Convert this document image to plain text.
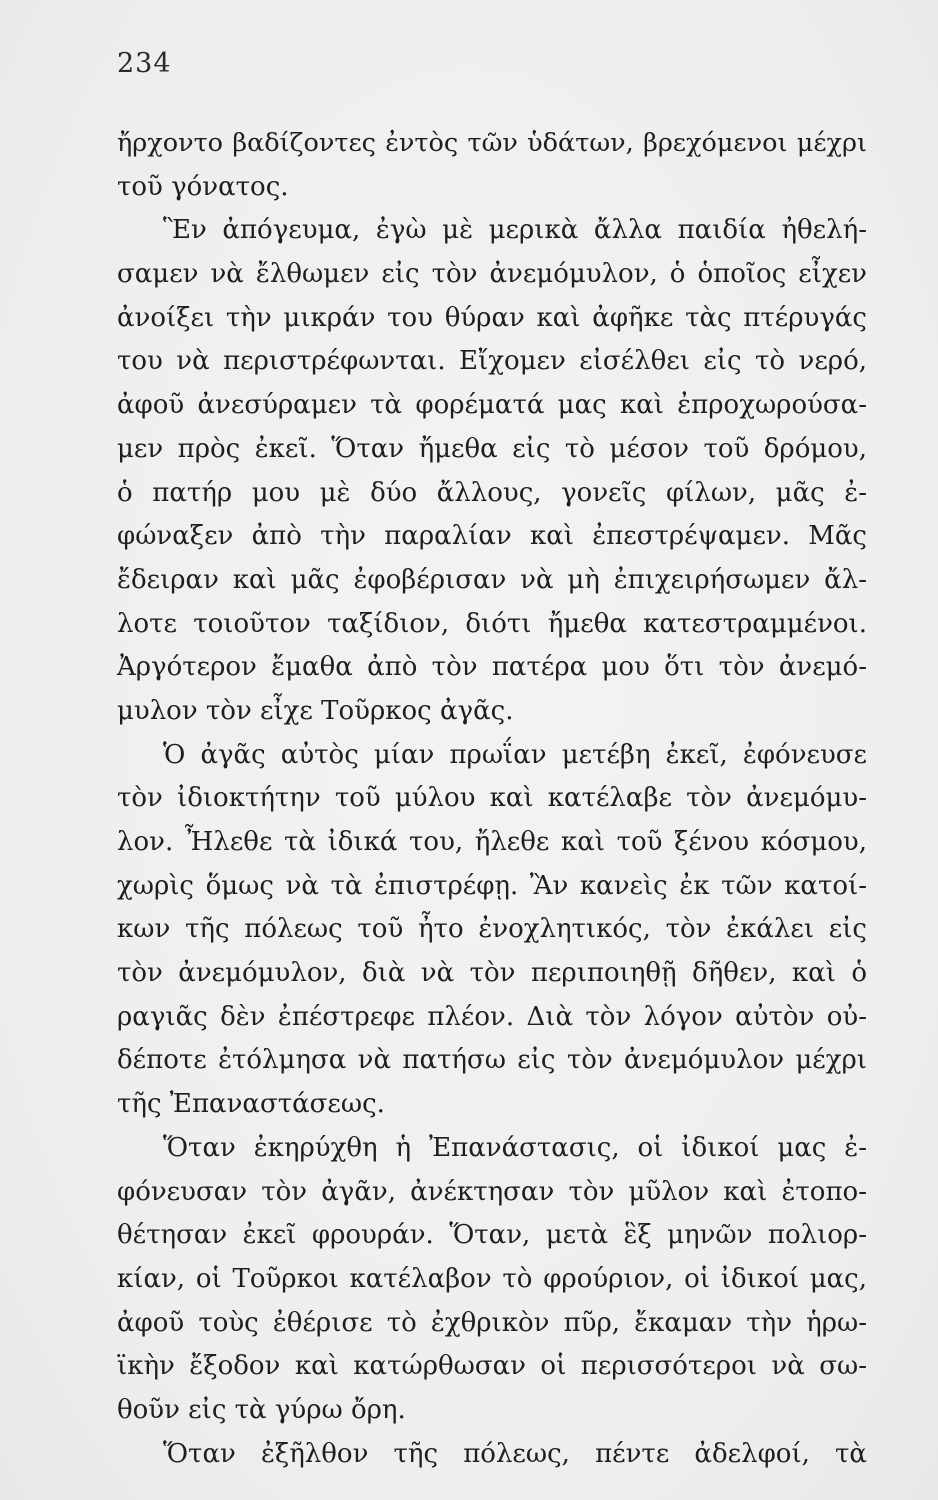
234
ἤρχοντο βαδίζοντες ἐντὸς τῶν ὑδάτων, βρεχόμενοι μέχρι
τοῦ γόνατος.
Ἓν ἀπόγευμα, ἐγὼ μὲ μερικὰ ἄλλα παιδία ἠθελή-
σαμεν νὰ ἔλθωμεν εἰς τὸν ἀνεμόμυλον, ὁ ὁποῖος εἶχεν
ἀνοίξει τὴν μικράν του θύραν καὶ ἀφῆκε τὰς πτέρυγάς
του νὰ περιστρέφωνται. Εἴχομεν εἰσέλθει εἰς τὸ νερό,
ἀφοῦ ἀνεσύραμεν τὰ φορέματά μας καὶ ἐπροχωρούσα-
μεν πρὸς ἐκεῖ. Ὅταν ἤμεθα εἰς τὸ μέσον τοῦ δρόμου,
ὁ πατήρ μου μὲ δύο ἄλλους, γονεῖς φίλων, μᾶς ἐ-
φώναξεν ἀπὸ τὴν παραλίαν καὶ ἐπεστρέψαμεν. Μᾶς
ἔδειραν καὶ μᾶς ἐφοβέρισαν νὰ μὴ ἐπιχειρήσωμεν ἄλ-
λοτε τοιοῦτον ταξίδιον, διότι ἤμεθα κατεστραμμένοι.
Ἀργότερον ἔμαθα ἀπὸ τὸν πατέρα μου ὅτι τὸν ἀνεμό-
μυλον τὸν εἶχε Τοῦρκος ἀγᾶς.
Ὁ ἀγᾶς αὐτὸς μίαν πρωΐαν μετέβη ἐκεῖ, ἐφόνευσε
τὸν ἰδιοκτήτην τοῦ μύλου καὶ κατέλαβε τὸν ἀνεμόμυ-
λον. Ἦλεθε τὰ ἰδικά του, ἤλεθε καὶ τοῦ ξένου κόσμου,
χωρὶς ὅμως νὰ τὰ ἐπιστρέφῃ. Ἂν κανεὶς ἐκ τῶν κατοί-
κων τῆς πόλεως τοῦ ἦτο ἐνοχλητικός, τὸν ἐκάλει εἰς
τὸν ἀνεμόμυλον, διὰ νὰ τὸν περιποιηθῇ δῆθεν, καὶ ὁ
ραγιᾶς δὲν ἐπέστρεφε πλέον. Διὰ τὸν λόγον αὐτὸν οὐ-
δέποτε ἐτόλμησα νὰ πατήσω εἰς τὸν ἀνεμόμυλον μέχρι
τῆς Ἐπαναστάσεως.
Ὅταν ἐκηρύχθη ἡ Ἐπανάστασις, οἱ ἰδικοί μας ἐ-
φόνευσαν τὸν ἀγᾶν, ἀνέκτησαν τὸν μῦλον καὶ ἐτοπο-
θέτησαν ἐκεῖ φρουράν. Ὅταν, μετὰ ἓξ μηνῶν πολιορ-
κίαν, οἱ Τοῦρκοι κατέλαβον τὸ φρούριον, οἱ ἰδικοί μας,
ἀφοῦ τοὺς ἐθέρισε τὸ ἐχθρικὸν πῦρ, ἔκαμαν τὴν ἡρω-
ϊκὴν ἔξοδον καὶ κατώρθωσαν οἱ περισσότεροι νὰ σω-
θοῦν εἰς τὰ γύρω ὄρη.
Ὅταν ἐξῆλθον τῆς πόλεως, πέντε ἀδελφοί, τὰ
